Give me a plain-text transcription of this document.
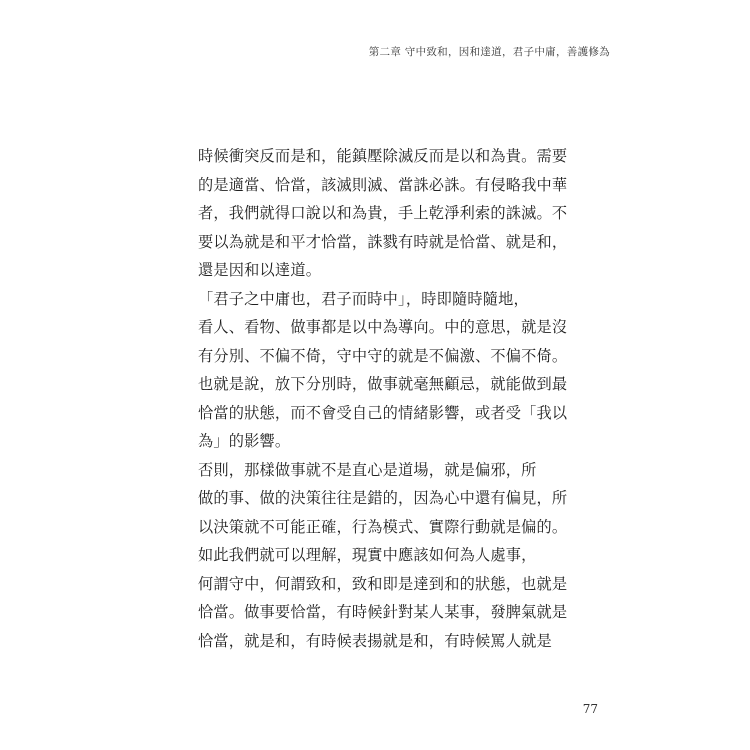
第二章 守中致和，因和達道，君子中庸，善護修為
時候衝突反而是和，能鎮壓除滅反而是以和為貴。需要
的是適當、恰當，該滅則滅、當誅必誅。有侵略我中華
者，我們就得口說以和為貴，手上乾淨利索的誅滅。不
要以為就是和平才恰當，誅戮有時就是恰當、就是和，
還是因和以達道。
「君子之中庸也，君子而時中」，時即隨時隨地，
看人、看物、做事都是以中為導向。中的意思，就是沒
有分別、不偏不倚，守中守的就是不偏激、不偏不倚。
也就是說，放下分別時，做事就毫無顧忌，就能做到最
恰當的狀態，而不會受自己的情緒影響，或者受「我以
為」的影響。
否則，那樣做事就不是直心是道場，就是偏邪，所
做的事、做的決策往往是錯的，因為心中還有偏見，所
以決策就不可能正確，行為模式、實際行動就是偏的。
如此我們就可以理解，現實中應該如何為人處事，
何謂守中，何謂致和，致和即是達到和的狀態，也就是
恰當。做事要恰當，有時候針對某人某事，發脾氣就是
恰當，就是和，有時候表揚就是和，有時候罵人就是
77
